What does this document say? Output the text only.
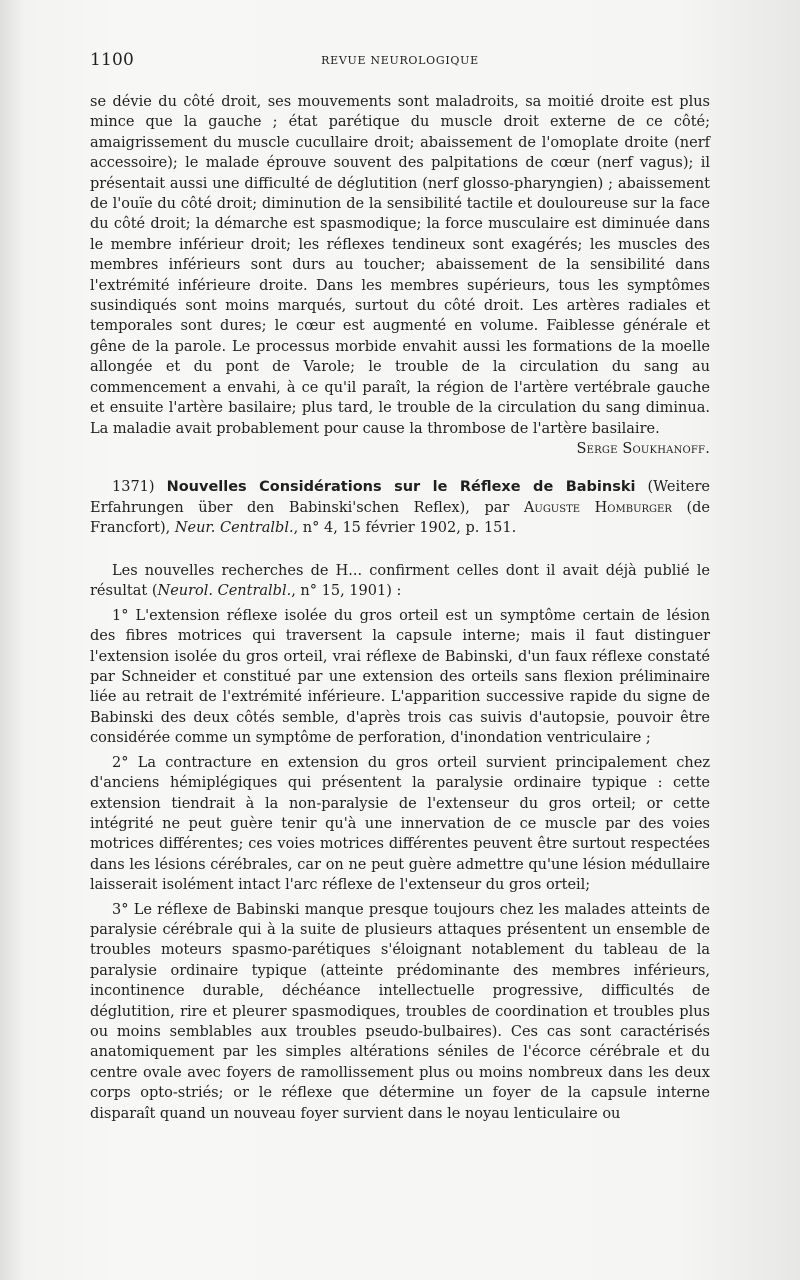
1100	REVUE NEUROLOGIQUE

se dévie du côté droit, ses mouvements sont maladroits, sa moitié droite est plus mince que la gauche ; état parétique du muscle droit externe de ce côté; amaigrissement du muscle cucullaire droit; abaissement de l'omoplate droite (nerf accessoire); le malade éprouve souvent des palpitations de cœur (nerf vagus); il présentait aussi une difficulté de déglutition (nerf glosso-pharyngien) ; abaissement de l'ouïe du côté droit; diminution de la sensibilité tactile et douloureuse sur la face du côté droit; la démarche est spasmodique; la force musculaire est diminuée dans le membre inférieur droit; les réflexes tendineux sont exagérés; les muscles des membres inférieurs sont durs au toucher; abaissement de la sensibilité dans l'extrémité inférieure droite. Dans les membres supérieurs, tous les symptômes susindiqués sont moins marqués, surtout du côté droit. Les artères radiales et temporales sont dures; le cœur est augmenté en volume. Faiblesse générale et gêne de la parole. Le processus morbide envahit aussi les formations de la moelle allongée et du pont de Varole; le trouble de la circulation du sang au commencement a envahi, à ce qu'il paraît, la région de l'artère vertébrale gauche et ensuite l'artère basilaire; plus tard, le trouble de la circulation du sang diminua. La maladie avait probablement pour cause la thrombose de l'artère basilaire.

Serge Soukhanoff.

1371) Nouvelles Considérations sur le Réflexe de Babinski (Weitere Erfahrungen über den Babinski'schen Reflex), par Auguste Homburger (de Francfort), Neur. Centralbl., n° 4, 15 février 1902, p. 151.

Les nouvelles recherches de H... confirment celles dont il avait déjà publié le résultat (Neurol. Centralbl., n° 15, 1901) :

1° L'extension réflexe isolée du gros orteil est un symptôme certain de lésion des fibres motrices qui traversent la capsule interne; mais il faut distinguer l'extension isolée du gros orteil, vrai réflexe de Babinski, d'un faux réflexe constaté par Schneider et constitué par une extension des orteils sans flexion préliminaire liée au retrait de l'extrémité inférieure. L'apparition successive rapide du signe de Babinski des deux côtés semble, d'après trois cas suivis d'autopsie, pouvoir être considérée comme un symptôme de perforation, d'inondation ventriculaire ;

2° La contracture en extension du gros orteil survient principalement chez d'anciens hémiplégiques qui présentent la paralysie ordinaire typique : cette extension tiendrait à la non-paralysie de l'extenseur du gros orteil; or cette intégrité ne peut guère tenir qu'à une innervation de ce muscle par des voies motrices différentes; ces voies motrices différentes peuvent être surtout respectées dans les lésions cérébrales, car on ne peut guère admettre qu'une lésion médullaire laisserait isolément intact l'arc réflexe de l'extenseur du gros orteil;

3° Le réflexe de Babinski manque presque toujours chez les malades atteints de paralysie cérébrale qui à la suite de plusieurs attaques présentent un ensemble de troubles moteurs spasmo-parétiques s'éloignant notablement du tableau de la paralysie ordinaire typique (atteinte prédominante des membres inférieurs, incontinence durable, déchéance intellectuelle progressive, difficultés de déglutition, rire et pleurer spasmodiques, troubles de coordination et troubles plus ou moins semblables aux troubles pseudo-bulbaires). Ces cas sont caractérisés anatomiquement par les simples altérations séniles de l'écorce cérébrale et du centre ovale avec foyers de ramollissement plus ou moins nombreux dans les deux corps opto-striés; or le réflexe que détermine un foyer de la capsule interne disparaît quand un nouveau foyer survient dans le noyau lenticulaire ou
